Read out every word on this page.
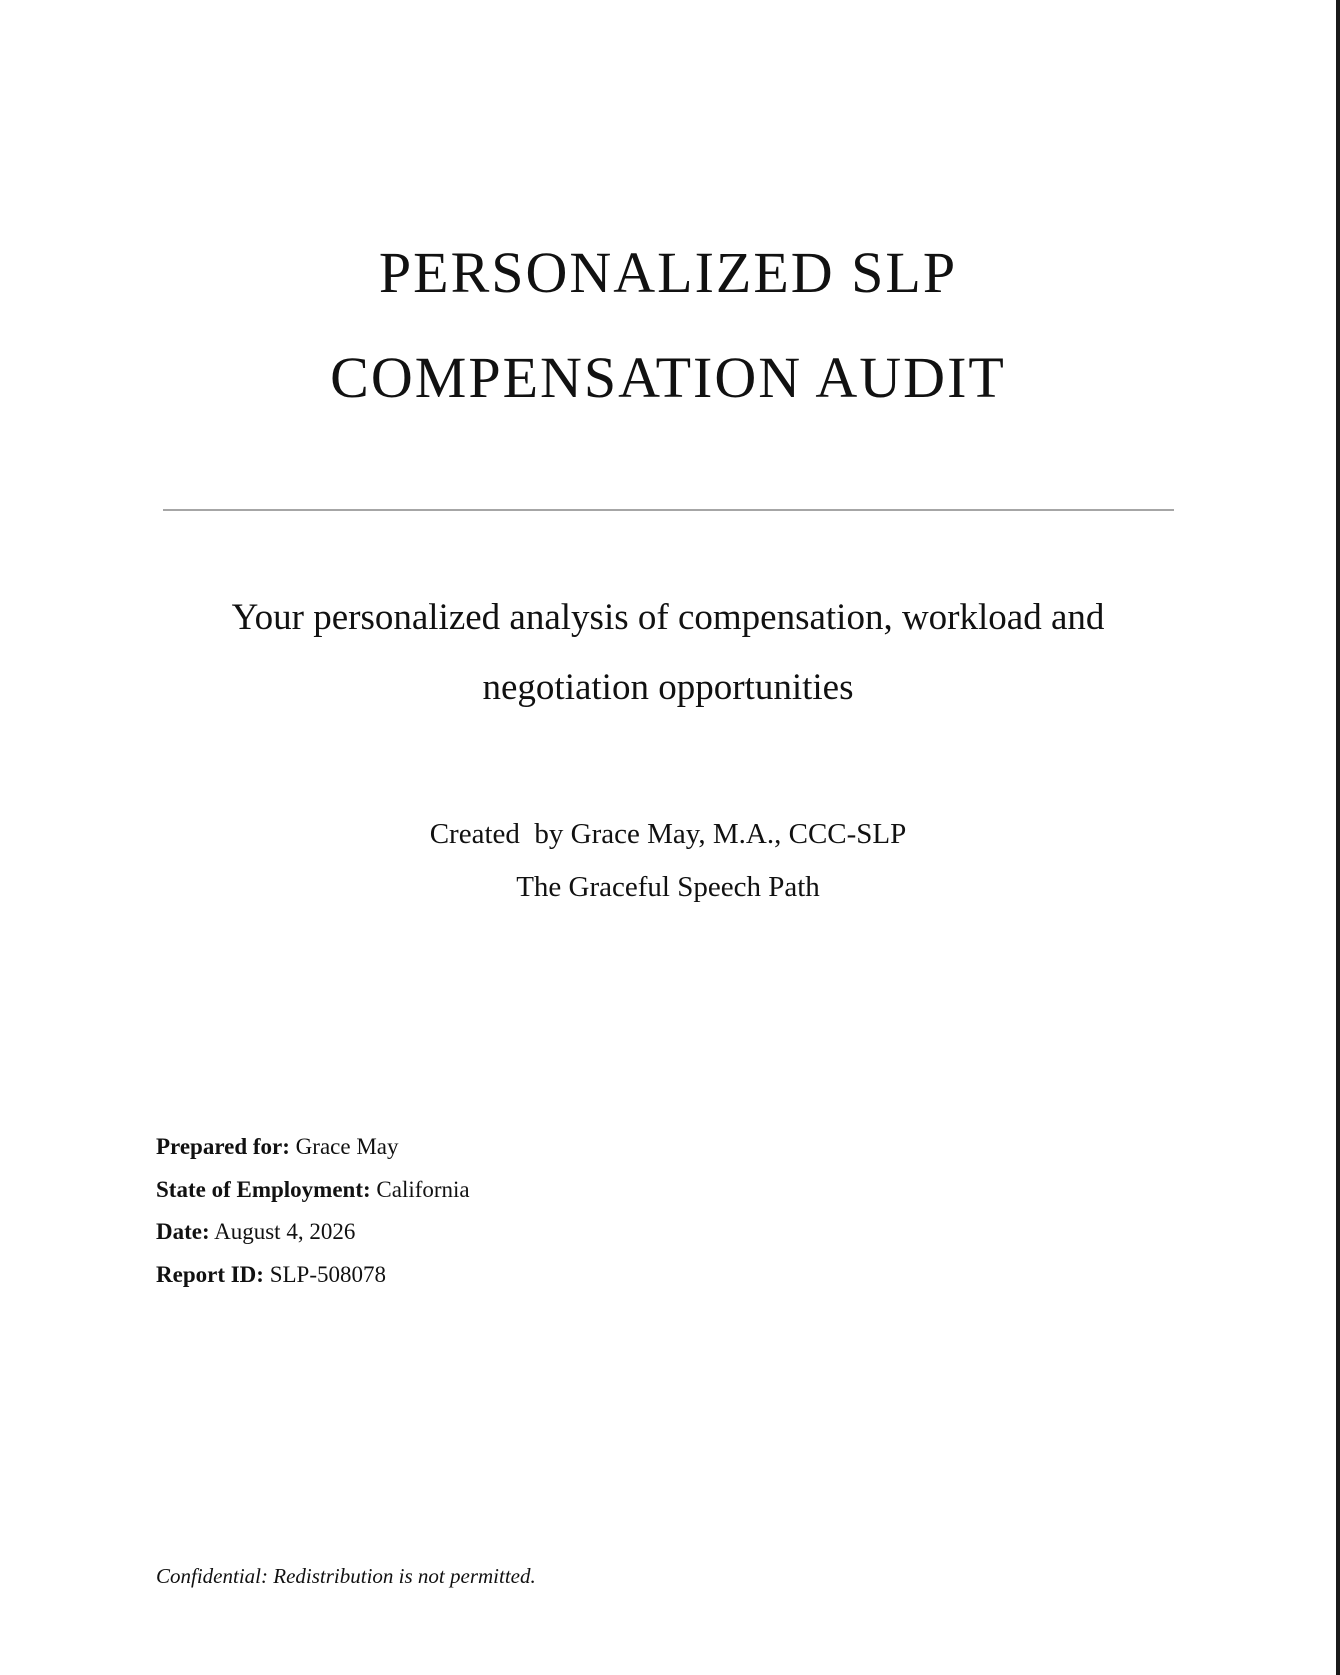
PERSONALIZED SLP
COMPENSATION AUDIT

Your personalized analysis of compensation, workload and negotiation opportunities

Created  by Grace May, M.A., CCC-SLP
The Graceful Speech Path
Prepared for: Grace May
State of Employment: California
Date: August 4, 2026
Report ID: SLP-508078
Confidential: Redistribution is not permitted.
